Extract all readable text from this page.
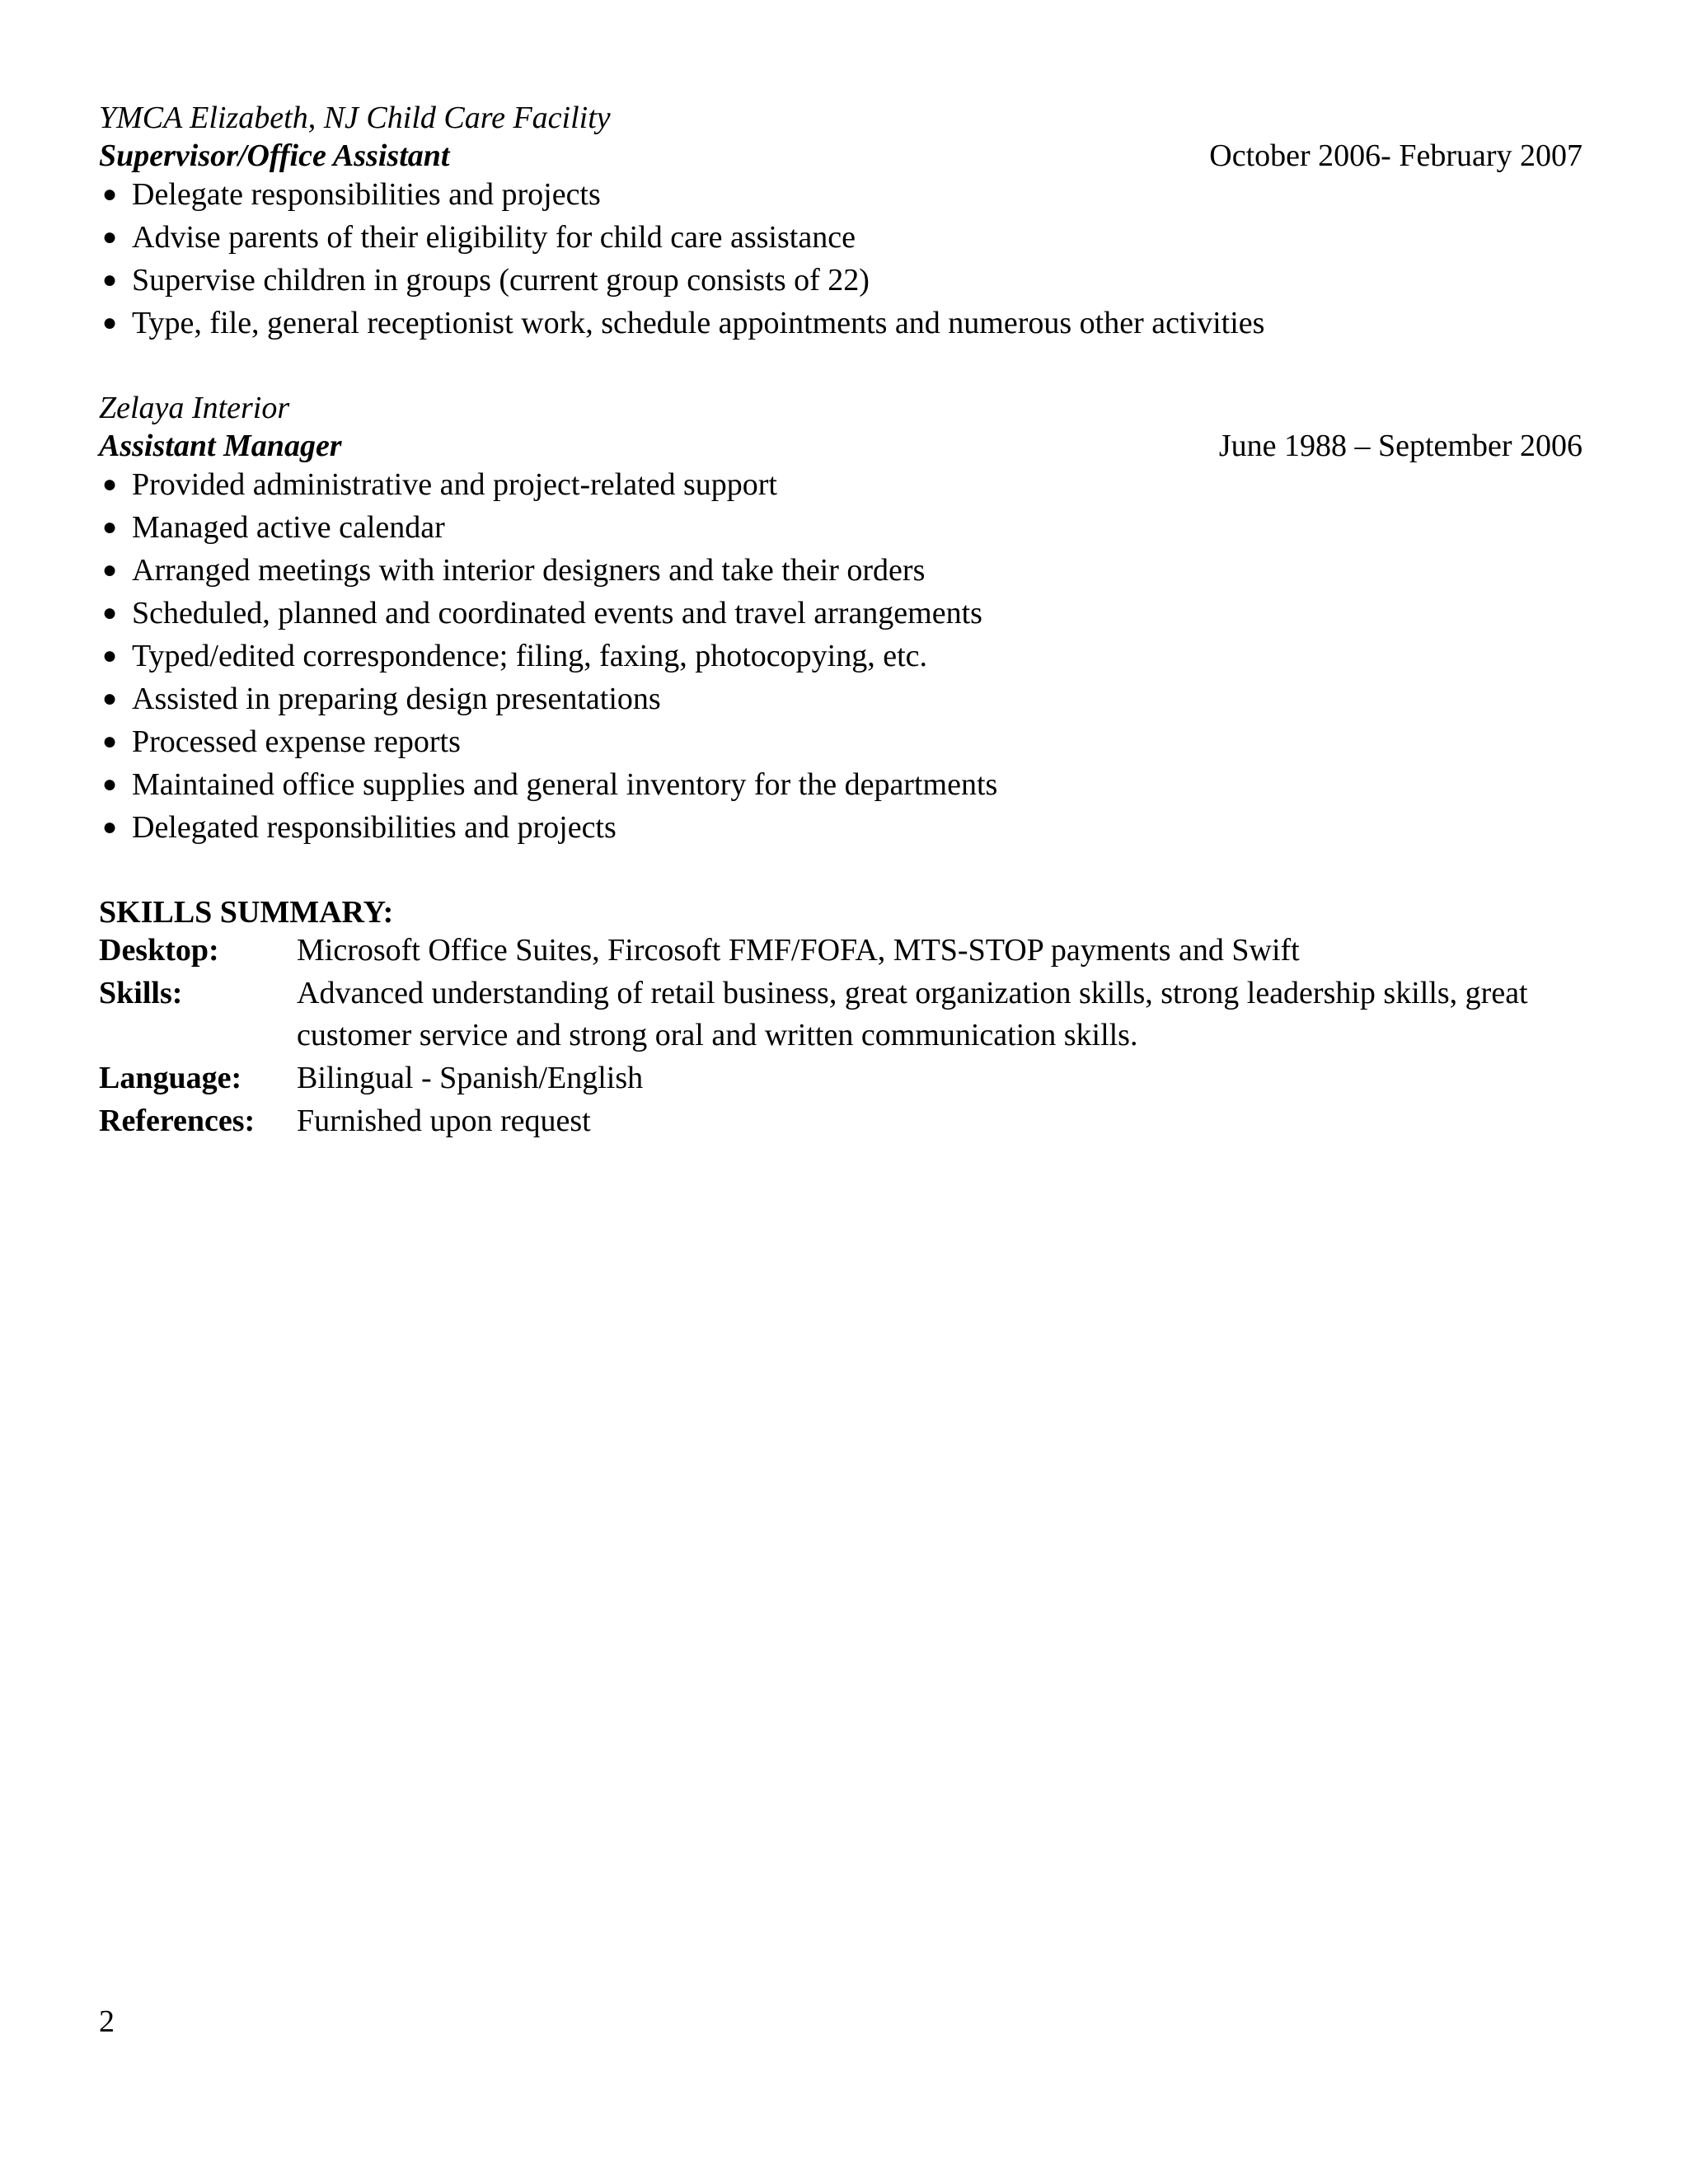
YMCA Elizabeth, NJ Child Care Facility
Supervisor/Office Assistant	October 2006- February 2007
● Delegate responsibilities and projects
● Advise parents of their eligibility for child care assistance
● Supervise children in groups (current group consists of 22)
● Type, file, general receptionist work, schedule appointments and numerous other activities
Zelaya Interior
Assistant Manager	June 1988 – September 2006
● Provided administrative and project-related support
● Managed active calendar
● Arranged meetings with interior designers and take their orders
● Scheduled, planned and coordinated events and travel arrangements
● Typed/edited correspondence; filing, faxing, photocopying, etc.
● Assisted in preparing design presentations
● Processed expense reports
● Maintained office supplies and general inventory for the departments
● Delegated responsibilities and projects
SKILLS SUMMARY:
Desktop:	Microsoft Office Suites, Fircosoft FMF/FOFA, MTS-STOP payments and Swift
Skills:	Advanced understanding of retail business, great organization skills, strong leadership skills, great customer service and strong oral and written communication skills.
Language:	Bilingual - Spanish/English
References:	Furnished upon request
2
